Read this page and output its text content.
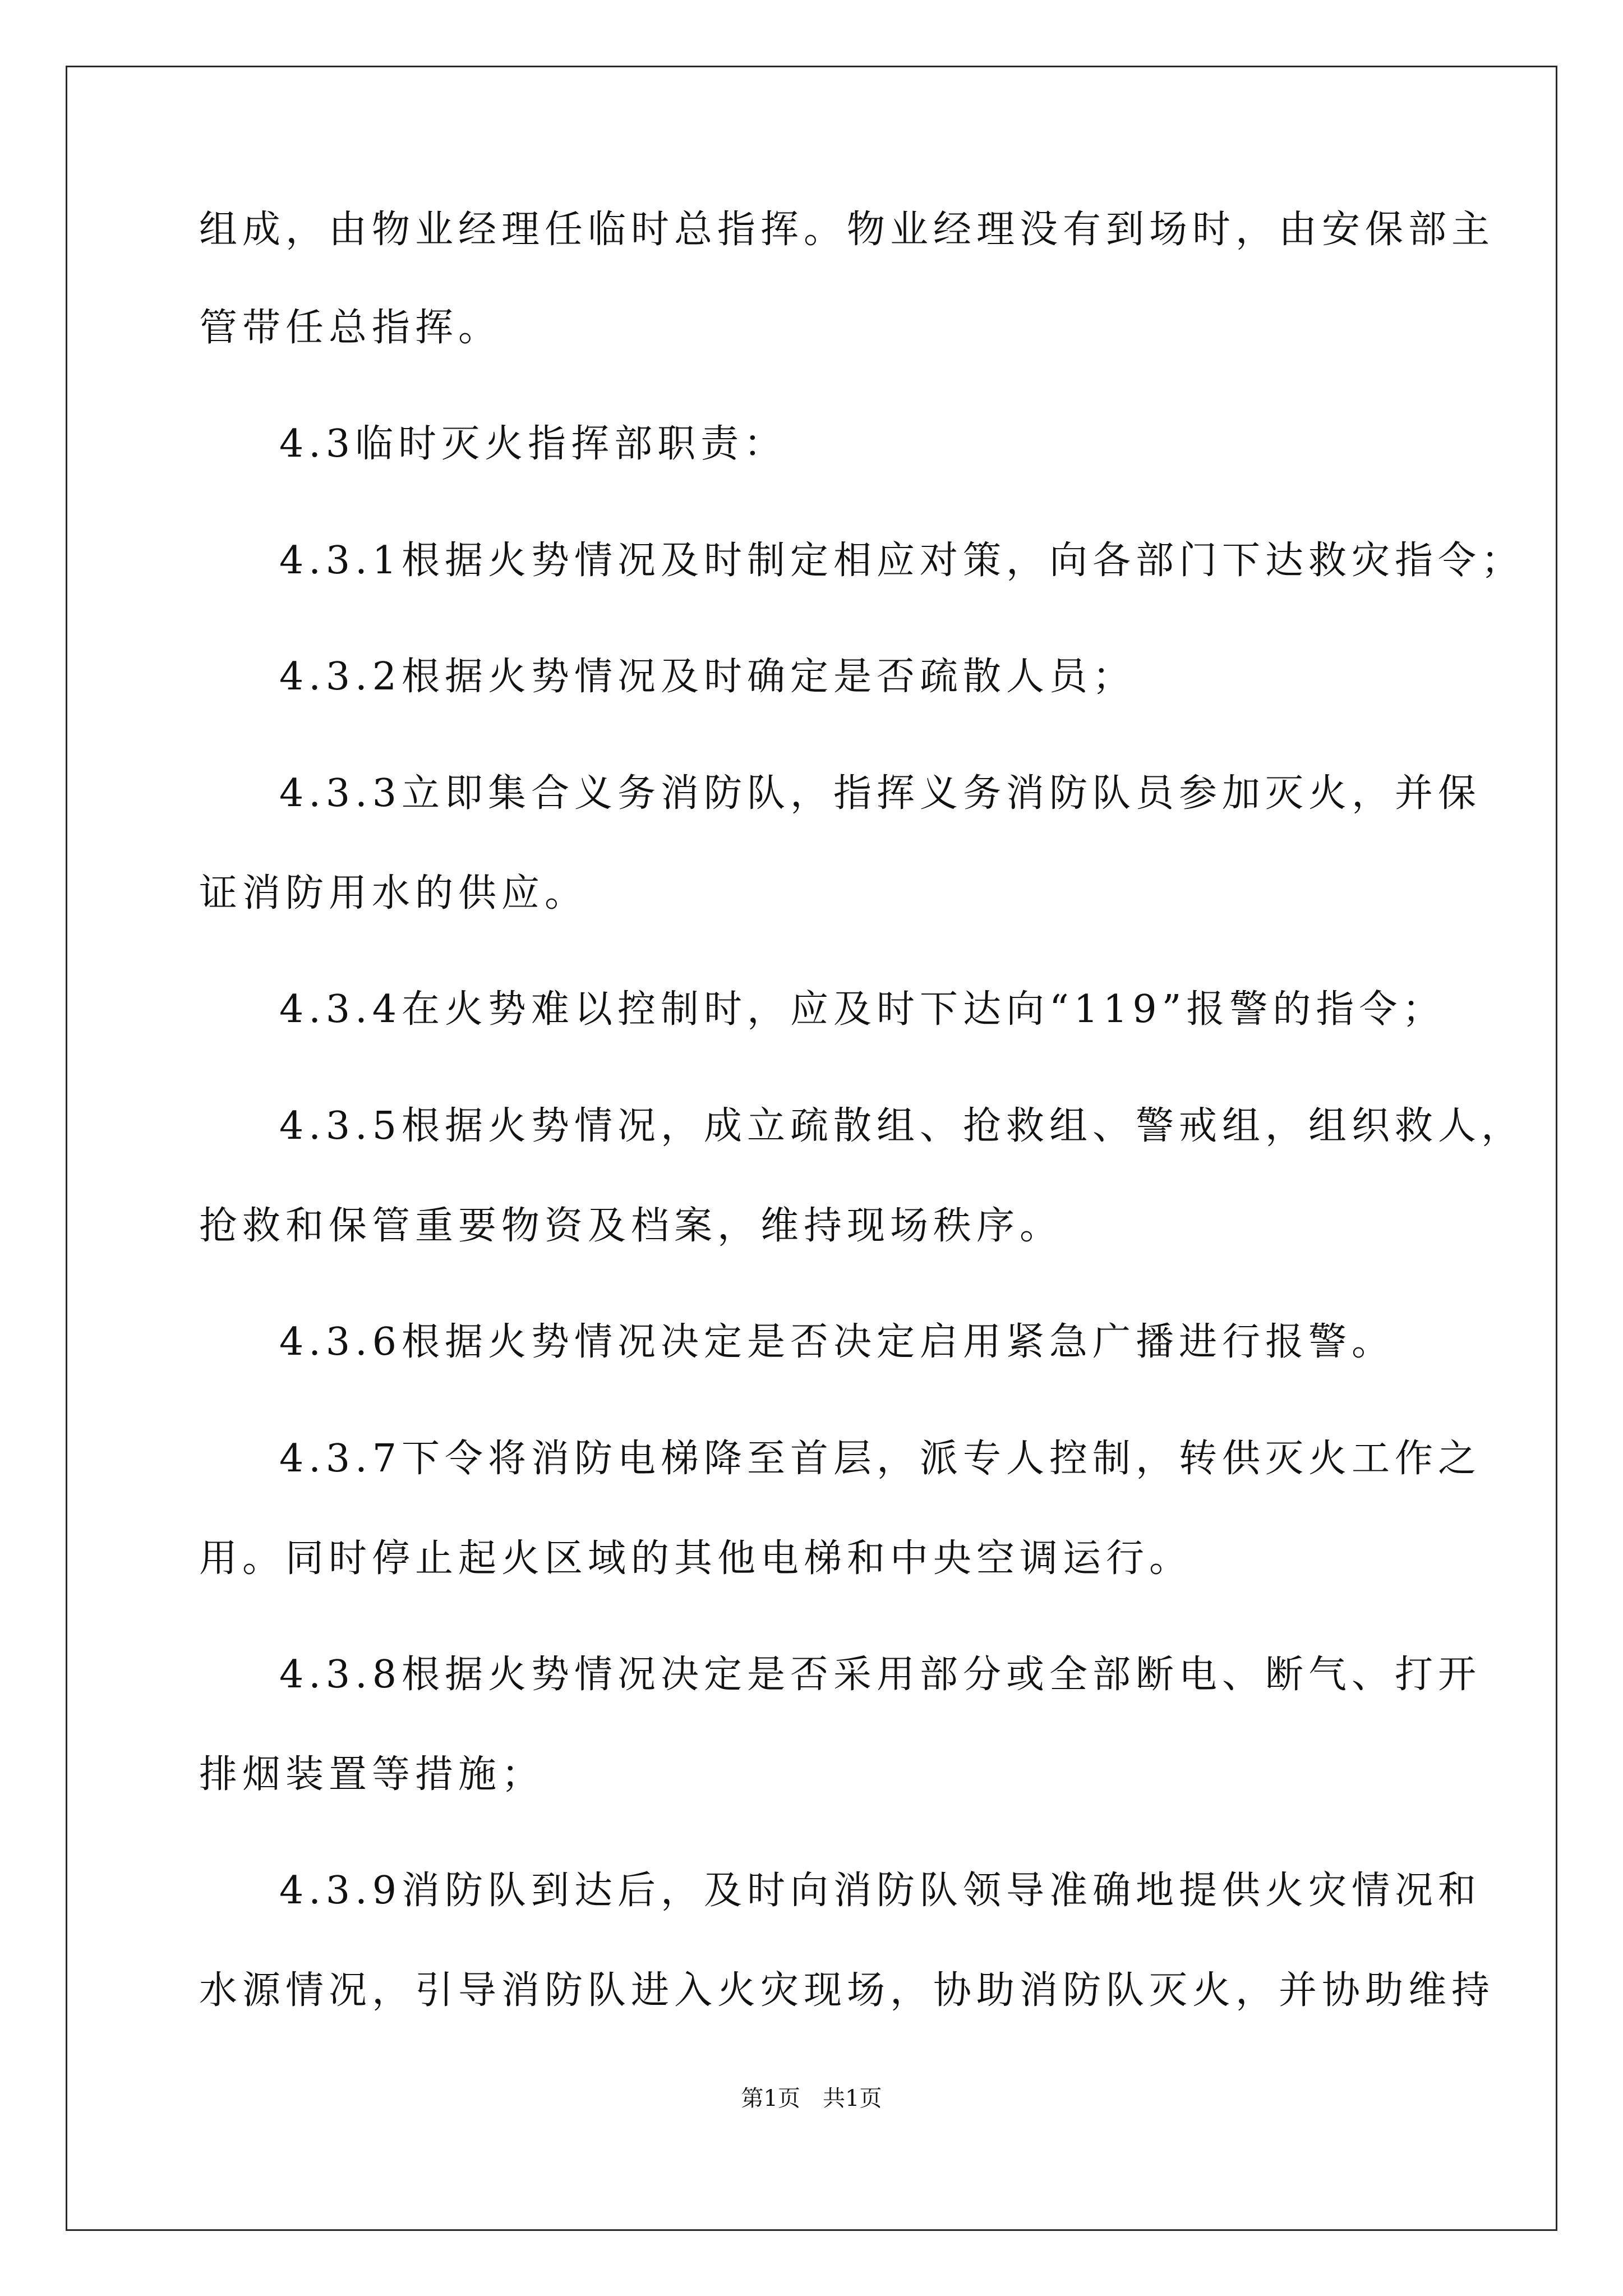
组成，由物业经理任临时总指挥。物业经理没有到场时，由安保部主
管带任总指挥。
4.3临时灭火指挥部职责：
4.3.1根据火势情况及时制定相应对策，向各部门下达救灾指令；
4.3.2根据火势情况及时确定是否疏散人员；
4.3.3立即集合义务消防队，指挥义务消防队员参加灭火，并保
证消防用水的供应。
4.3.4在火势难以控制时，应及时下达向“119”报警的指令；
4.3.5根据火势情况，成立疏散组、抢救组、警戒组，组织救人，
抢救和保管重要物资及档案，维持现场秩序。
4.3.6根据火势情况决定是否决定启用紧急广播进行报警。
4.3.7下令将消防电梯降至首层，派专人控制，转供灭火工作之
用。同时停止起火区域的其他电梯和中央空调运行。
4.3.8根据火势情况决定是否采用部分或全部断电、断气、打开
排烟装置等措施；
4.3.9消防队到达后，及时向消防队领导准确地提供火灾情况和
水源情况，引导消防队进入火灾现场，协助消防队灭火，并协助维持
第1页 共1页
